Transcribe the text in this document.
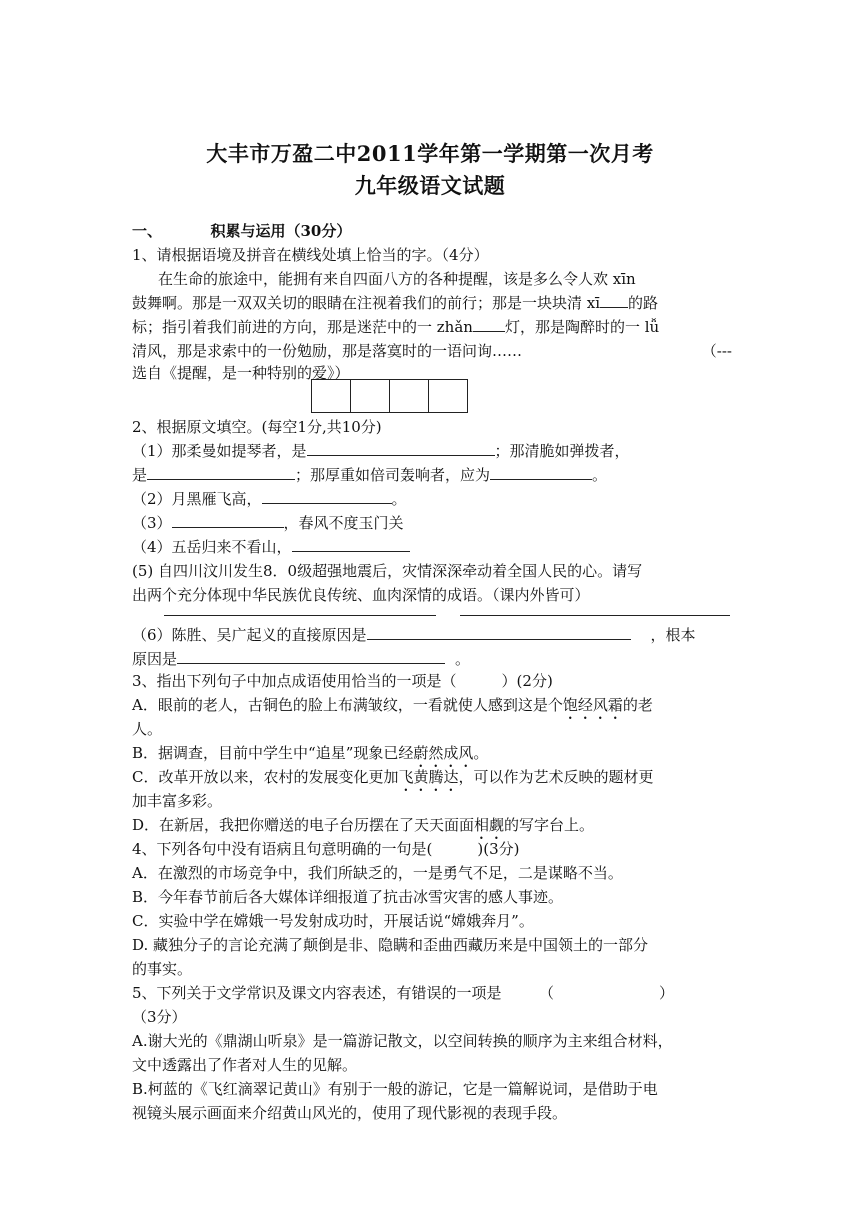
大丰市万盈二中2011学年第一学期第一次月考
九年级语文试题
一、	积累与运用（30分）
1、请根据语境及拼音在横线处填上恰当的字。（4分）
在生命的旅途中，能拥有来自四面八方的各种提醒，该是多么令人欢 xīn
鼓舞啊。那是一双双关切的眼睛在注视着我们的前行；那是一块块清 xī 的路
标；指引着我们前进的方向，那是迷茫中的一 zhǎn 灯，那是陶醉时的一 lǚ
清风，那是求索中的一份勉励，那是落寞时的一语问询……	（---
选自《提醒，是一种特别的爱》）
2、根据原文填空。(每空1分,共10分)
（1）那柔曼如提琴者，是	；那清脆如弹拨者，
是	；那厚重如倍司轰响者，应为	。
（2）月黑雁飞高，	。
（3）	，春风不度玉门关
（4）五岳归来不看山，
(5) 自四川汶川发生8．0级超强地震后，灾情深深牵动着全国人民的心。请写
出两个充分体现中华民族优良传统、血肉深情的成语。（课内外皆可）
（6）陈胜、吴广起义的直接原因是	，根本
原因是	。
3、指出下列句子中加点成语使用恰当的一项是（　　　）(2分)
A．眼前的老人，古铜色的脸上布满皱纹，一看就使人感到这是个饱经风霜的老
人。
B．据调查，目前中学生中“追星”现象已经蔚然成风。
C．改革开放以来，农村的发展变化更加飞黄腾达，可以作为艺术反映的题材更
加丰富多彩。
D．在新居，我把你赠送的电子台历摆在了天天面面相觑的写字台上。
4、下列各句中没有语病且句意明确的一句是(　　　)(3分)
A．在激烈的市场竞争中，我们所缺乏的，一是勇气不足，二是谋略不当。
B．今年春节前后各大媒体详细报道了抗击冰雪灾害的感人事迹。
C．实验中学在嫦娥一号发射成功时，开展话说“嫦娥奔月”。
D. 藏独分子的言论充满了颠倒是非、隐瞒和歪曲西藏历来是中国领土的一部分
的事实。
5、下列关于文学常识及课文内容表述，有错误的一项是　　　（　　　　　　　）
（3分）
A.谢大光的《鼎湖山听泉》是一篇游记散文，以空间转换的顺序为主来组合材料，
文中透露出了作者对人生的见解。
B.柯蓝的《飞红滴翠记黄山》有别于一般的游记，它是一篇解说词，是借助于电
视镜头展示画面来介绍黄山风光的，使用了现代影视的表现手段。
